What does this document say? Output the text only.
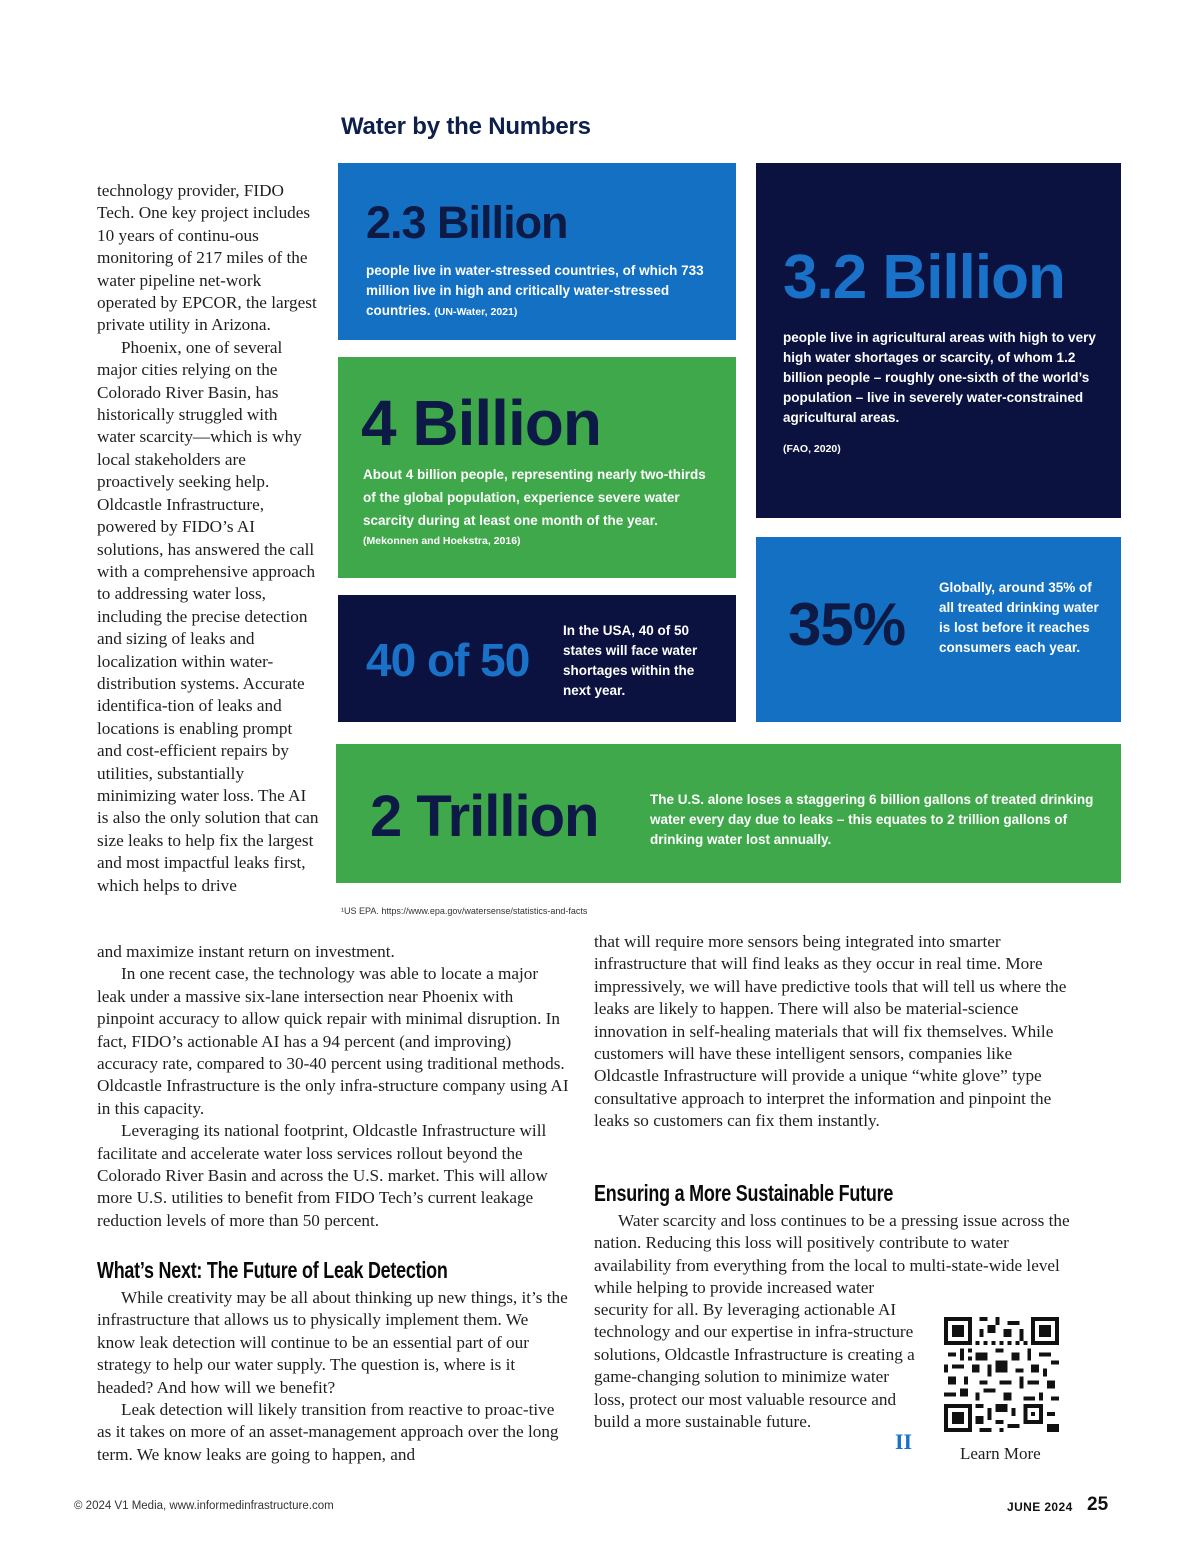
Water by the Numbers
2.3 Billion
people live in water-stressed countries, of which 733 million live in high and critically water-stressed countries. (UN-Water, 2021)	3.2 Billion
people live in agricultural areas with high to very high water shortages or scarcity, of whom 1.2 billion people – roughly one-sixth of the world’s population – live in severely water-constrained agricultural areas.
(FAO, 2020)
4 Billion
About 4 billion people, representing nearly two-thirds of the global population, experience severe water scarcity during at least one month of the year.
(Mekonnen and Hoekstra, 2016)
40 of 50
In the USA, 40 of 50 states will face water shortages within the next year.
35%
Globally, around 35% of all treated drinking water is lost before it reaches consumers each year.
2 Trillion	The U.S. alone loses a staggering 6 billion gallons of treated drinking water every day due to leaks – this equates to 2 trillion gallons of drinking water lost annually.
¹US EPA. https://www.epa.gov/watersense/statistics-and-facts

technology provider, FIDO Tech. One key project includes 10 years of continu-ous monitoring of 217 miles of the water pipeline net-work operated by EPCOR, the largest private utility in Arizona.

Phoenix, one of several major cities relying on the Colorado River Basin, has historically struggled with water scarcity—which is why local stakeholders are proactively seeking help. Oldcastle Infrastructure, powered by FIDO’s AI solutions, has answered the call with a comprehensive approach to addressing water loss, including the precise detection and sizing of leaks and localization within water-distribution systems. Accurate identifica-tion of leaks and locations is enabling prompt and cost-efficient repairs by utilities, substantially minimizing water loss. The AI is also the only solution that can size leaks to help fix the largest and most impactful leaks first, which helps to drive

and maximize instant return on investment.

In one recent case, the technology was able to locate a major leak under a massive six-lane intersection near Phoenix with pinpoint accuracy to allow quick repair with minimal disruption. In fact, FIDO’s actionable AI has a 94 percent (and improving) accuracy rate, compared to 30-40 percent using traditional methods. Oldcastle Infrastructure is the only infra-structure company using AI in this capacity.

Leveraging its national footprint, Oldcastle Infrastructure will facilitate and accelerate water loss services rollout beyond the Colorado River Basin and across the U.S. market. This will allow more U.S. utilities to benefit from FIDO Tech’s current leakage reduction levels of more than 50 percent.

What’s Next: The Future of Leak Detection

While creativity may be all about thinking up new things, it’s the infrastructure that allows us to physically implement them. We know leak detection will continue to be an essential part of our strategy to help our water supply. The question is, where is it headed? And how will we benefit?

Leak detection will likely transition from reactive to proac-tive as it takes on more of an asset-management approach over the long term. We know leaks are going to happen, and

that will require more sensors being integrated into smarter infrastructure that will find leaks as they occur in real time. More impressively, we will have predictive tools that will tell us where the leaks are likely to happen. There will also be material-science innovation in self-healing materials that will fix themselves. While customers will have these intelligent sensors, companies like Oldcastle Infrastructure will provide a unique “white glove” type consultative approach to interpret the information and pinpoint the leaks so customers can fix them instantly.

Ensuring a More Sustainable Future

Water scarcity and loss continues to be a pressing issue across the nation. Reducing this loss will positively contribute to water availability from everything from the local to multi-state-wide level while helping to provide increased water

security for all. By leveraging actionable AI technology and our expertise in infra-structure solutions, Oldcastle Infrastructure is creating a game-changing solution to minimize water loss, protect our most valuable resource and build a more sustainable future.

II	Learn More
© 2024 V1 Media, www.informedinfrastructure.com	JUNE 2024 25
